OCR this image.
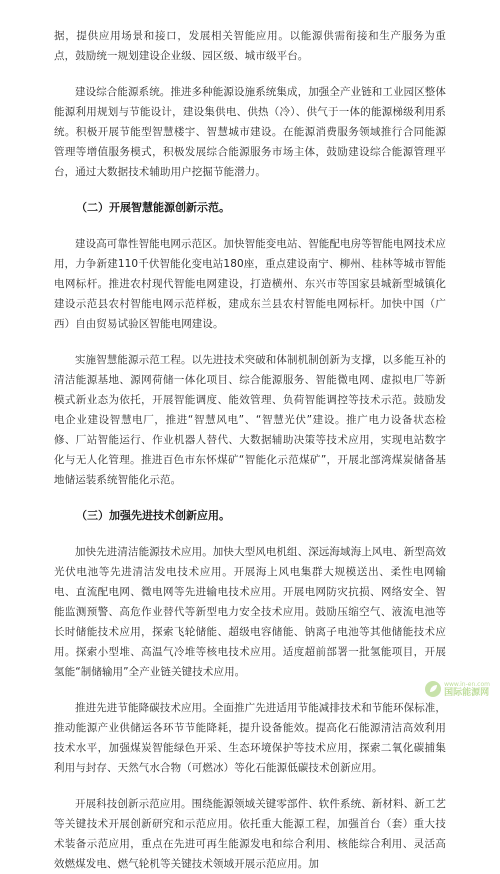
据，提供应用场景和接口，发展相关智能应用。以能源供需衔接和生产服务为重点，鼓励统一规划建设企业级、园区级、城市级平台。

建设综合能源系统。推进多种能源设施系统集成，加强全产业链和工业园区整体能源利用规划与节能设计，建设集供电、供热（冷）、供气于一体的能源梯级利用系统。积极开展节能型智慧楼宇、智慧城市建设。在能源消费服务领域推行合同能源管理等增值服务模式，积极发展综合能源服务市场主体，鼓励建设综合能源管理平台，通过大数据技术辅助用户挖掘节能潜力。

（二）开展智慧能源创新示范。

建设高可靠性智能电网示范区。加快智能变电站、智能配电房等智能电网技术应用，力争新建110千伏智能化变电站180座，重点建设南宁、柳州、桂林等城市智能电网标杆。推进农村现代智能电网建设，打造横州、东兴市等国家县城新型城镇化建设示范县农村智能电网示范样板，建成东兰县农村智能电网标杆。加快中国（广西）自由贸易试验区智能电网建设。

实施智慧能源示范工程。以先进技术突破和体制机制创新为支撑，以多能互补的清洁能源基地、源网荷储一体化项目、综合能源服务、智能微电网、虚拟电厂等新模式新业态为依托，开展智能调度、能效管理、负荷智能调控等技术示范。鼓励发电企业建设智慧电厂，推进“智慧风电”、“智慧光伏”建设。推广电力设备状态检修、厂站智能运行、作业机器人替代、大数据辅助决策等技术应用，实现电站数字化与无人化管理。推进百色市东怀煤矿“智能化示范煤矿”，开展北部湾煤炭储备基地储运装系统智能化示范。

（三）加强先进技术创新应用。

加快先进清洁能源技术应用。加快大型风电机组、深远海域海上风电、新型高效光伏电池等先进清洁发电技术应用。开展海上风电集群大规模送出、柔性电网输电、直流配电网、微电网等先进输电技术应用。开展电网防灾抗损、网络安全、智能监测预警、高危作业替代等新型电力安全技术应用。鼓励压缩空气、液流电池等长时储能技术应用，探索飞轮储能、超级电容储能、钠离子电池等其他储能技术应用。探索小型堆、高温气冷堆等核电技术应用。适度超前部署一批氢能项目，开展氢能“制储输用”全产业链关键技术应用。

推进先进节能降碳技术应用。全面推广先进适用节能减排技术和节能环保标准，推动能源产业供储运各环节节能降耗，提升设备能效。提高化石能源清洁高效利用技术水平，加强煤炭智能绿色开采、生态环境保护等技术应用，探索二氧化碳捕集利用与封存、天然气水合物（可燃冰）等化石能源低碳技术创新应用。

开展科技创新示范应用。围绕能源领域关键零部件、软件系统、新材料、新工艺等关键技术开展创新研究和示范应用。依托重大能源工程，加强首台（套）重大技术装备示范应用，重点在先进可再生能源发电和综合利用、核能综合利用、灵活高效燃煤发电、燃气轮机等关键技术领域开展示范应用。加

www.in-en.com
国际能源网
